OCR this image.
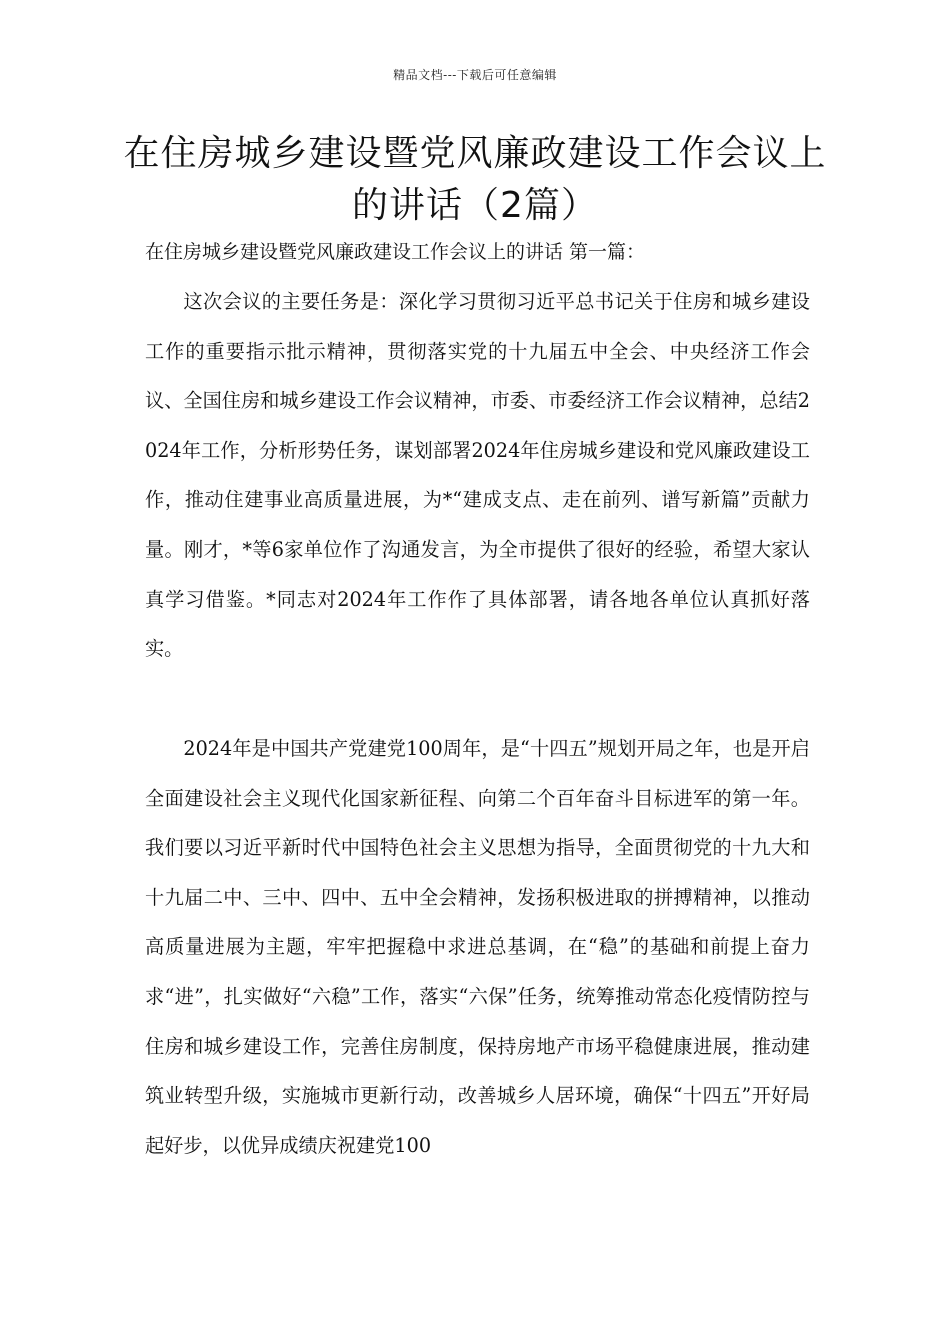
精品文档---下载后可任意编辑
在住房城乡建设暨党风廉政建设工作会议上的讲话（2篇）
在住房城乡建设暨党风廉政建设工作会议上的讲话 第一篇：

这次会议的主要任务是：深化学习贯彻习近平总书记关于住房和城乡建设工作的重要指示批示精神，贯彻落实党的十九届五中全会、中央经济工作会议、全国住房和城乡建设工作会议精神，市委、市委经济工作会议精神，总结2024年工作，分析形势任务，谋划部署2024年住房城乡建设和党风廉政建设工作，推动住建事业高质量进展，为*“建成支点、走在前列、谱写新篇”贡献力量。刚才，*等6家单位作了沟通发言，为全市提供了很好的经验，希望大家认真学习借鉴。*同志对2024年工作作了具体部署，请各地各单位认真抓好落实。

2024年是中国共产党建党100周年，是“十四五”规划开局之年，也是开启全面建设社会主义现代化国家新征程、向第二个百年奋斗目标进军的第一年。我们要以习近平新时代中国特色社会主义思想为指导，全面贯彻党的十九大和十九届二中、三中、四中、五中全会精神，发扬积极进取的拼搏精神，以推动高质量进展为主题，牢牢把握稳中求进总基调，在“稳”的基础和前提上奋力求“进”，扎实做好“六稳”工作，落实“六保”任务，统筹推动常态化疫情防控与住房和城乡建设工作，完善住房制度，保持房地产市场平稳健康进展，推动建筑业转型升级，实施城市更新行动，改善城乡人居环境，确保“十四五”开好局起好步，以优异成绩庆祝建党100
